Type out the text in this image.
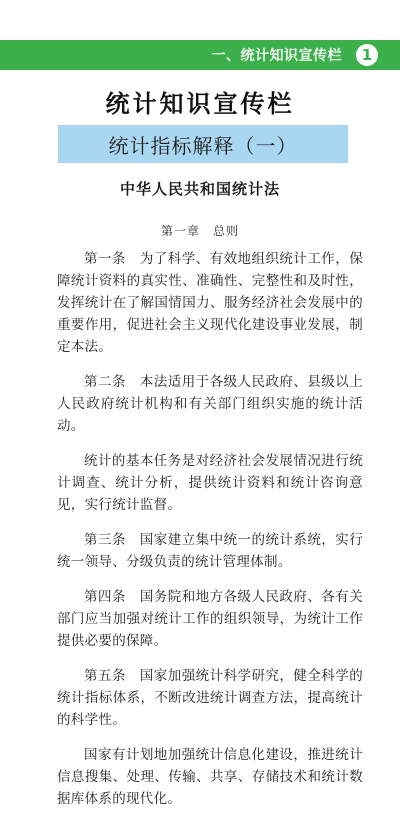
一、统计知识宣传栏	1
统计知识宣传栏
统计指标解释（一）
中华人民共和国统计法
第一章　总则

第一条　为了科学、有效地组织统计工作，保障统计资料的真实性、准确性、完整性和及时性，发挥统计在了解国情国力、服务经济社会发展中的重要作用，促进社会主义现代化建设事业发展，制定本法。

第二条　本法适用于各级人民政府、县级以上人民政府统计机构和有关部门组织实施的统计活动。

统计的基本任务是对经济社会发展情况进行统计调查、统计分析，提供统计资料和统计咨询意见，实行统计监督。

第三条　国家建立集中统一的统计系统，实行统一领导、分级负责的统计管理体制。

第四条　国务院和地方各级人民政府、各有关部门应当加强对统计工作的组织领导，为统计工作提供必要的保障。

第五条　国家加强统计科学研究，健全科学的统计指标体系，不断改进统计调查方法，提高统计的科学性。

国家有计划地加强统计信息化建设，推进统计信息搜集、处理、传输、共享、存储技术和统计数据库体系的现代化。
